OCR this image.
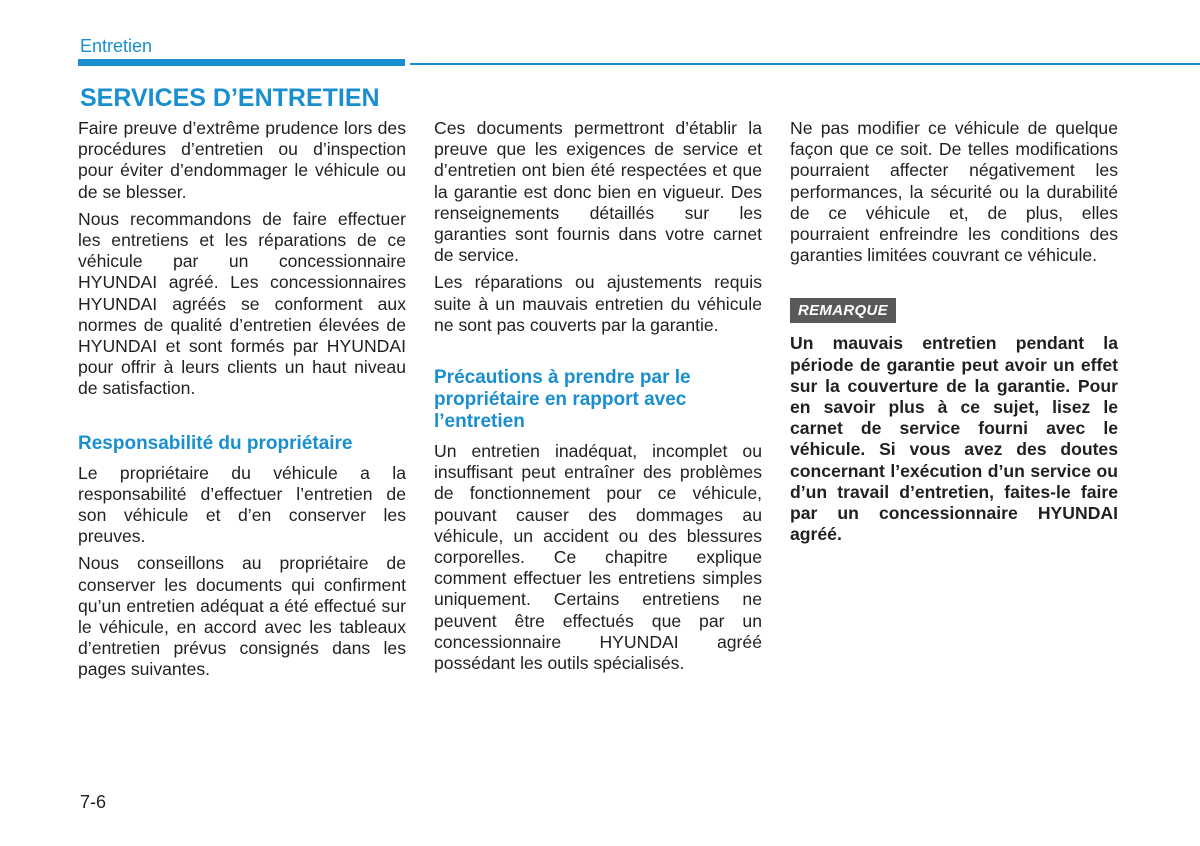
Entretien

SERVICES D’ENTRETIEN

Faire preuve d’extrême prudence lors des procédures d’entretien ou d’inspection pour éviter d’endommager le véhicule ou de se blesser.

Nous recommandons de faire effectuer les entretiens et les réparations de ce véhicule par un concessionnaire HYUNDAI agréé. Les concessionnaires HYUNDAI agréés se conforment aux normes de qualité d’entretien élevées de HYUNDAI et sont formés par HYUNDAI pour offrir à leurs clients un haut niveau de satisfaction.

Responsabilité du propriétaire

Le propriétaire du véhicule a la responsabilité d’effectuer l’entretien de son véhicule et d’en conserver les preuves.

Nous conseillons au propriétaire de conserver les documents qui confirment qu’un entretien adéquat a été effectué sur le véhicule, en accord avec les tableaux d’entretien prévus consignés dans les pages suivantes.

Ces documents permettront d’établir la preuve que les exigences de service et d’entretien ont bien été respectées et que la garantie est donc bien en vigueur. Des renseignements détaillés sur les garanties sont fournis dans votre carnet de service.

Les réparations ou ajustements requis suite à un mauvais entretien du véhicule ne sont pas couverts par la garantie.

Précautions à prendre par le propriétaire en rapport avec l’entretien

Un entretien inadéquat, incomplet ou insuffisant peut entraîner des problèmes de fonctionnement pour ce véhicule, pouvant causer des dommages au véhicule, un accident ou des blessures corporelles. Ce chapitre explique comment effectuer les entretiens simples uniquement. Certains entretiens ne peuvent être effectués que par un concessionnaire HYUNDAI agréé possédant les outils spécialisés.

Ne pas modifier ce véhicule de quelque façon que ce soit. De telles modifications pourraient affecter négativement les performances, la sécurité ou la durabilité de ce véhicule et, de plus, elles pourraient enfreindre les conditions des garanties limitées couvrant ce véhicule.

REMARQUE

Un mauvais entretien pendant la période de garantie peut avoir un effet sur la couverture de la garantie. Pour en savoir plus à ce sujet, lisez le carnet de service fourni avec le véhicule. Si vous avez des doutes concernant l’exécution d’un service ou d’un travail d’entretien, faites-le faire par un concessionnaire HYUNDAI agréé.

7-6
